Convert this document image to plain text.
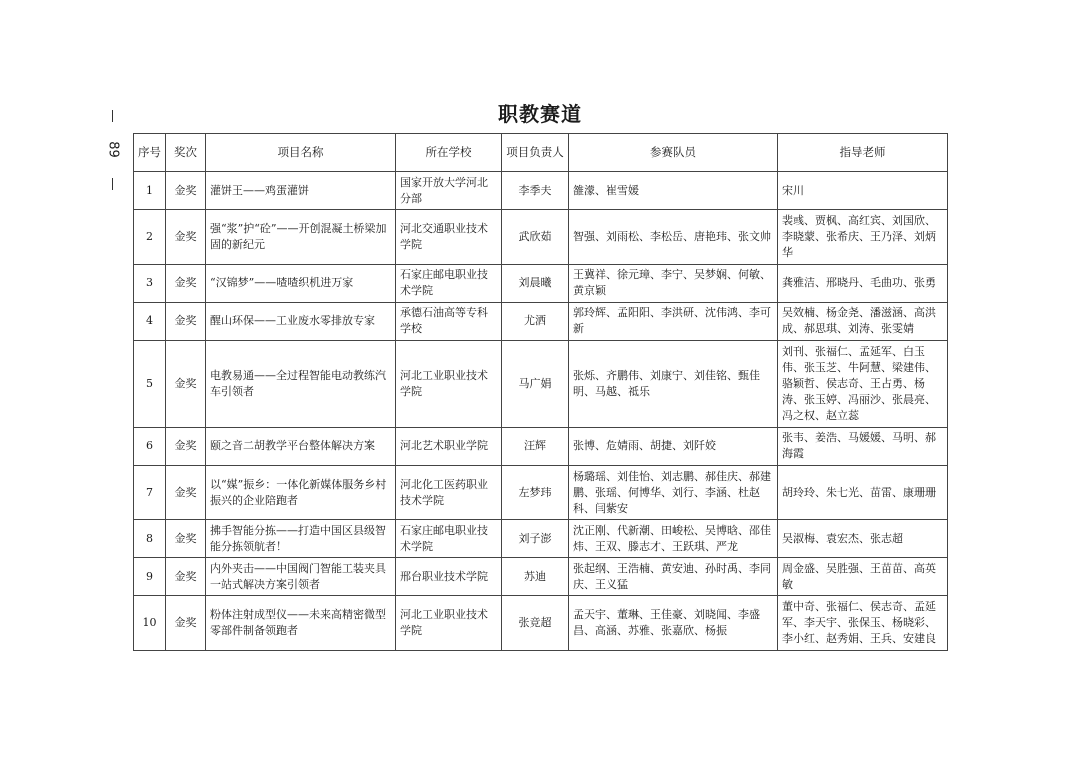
职教赛道
89 序号	奖次	项目名称	所在学校	项目负责人	参赛队员	指导老师
1	金奖	灌饼王——鸡蛋灌饼	国家开放大学河北分部	李季夫	雒濛、崔雪媛	宋川
2	金奖	强“浆”护“砼”——开创混凝土桥梁加固的新纪元	河北交通职业技术学院	武欣茹	智强、刘雨松、李松岳、唐艳玮、张文帅	裴彧、贾枫、高红宾、刘国欣、李晓蒙、张希庆、王乃泽、刘炳华
3	金奖	“汉锦梦”——喳喳织机进万家	石家庄邮电职业技术学院	刘晨曦	王冀祥、徐元璋、李宁、吴梦娴、何敏、黄京颖	龚雅洁、邢晓丹、毛曲功、张勇
4	金奖	醒山环保——工业废水零排放专家	承德石油高等专科学校	尤洒	郭玲辉、孟阳阳、李洪研、沈伟鸿、李可新	吴效楠、杨金尧、潘滋涵、高洪成、郝思琪、刘涛、张雯婧
5	金奖	电教易通——全过程智能电动教练汽车引领者	河北工业职业技术学院	马广娟	张烁、齐鹏伟、刘康宁、刘佳铭、甄佳明、马越、祗乐	刘刊、张福仁、孟延军、白玉伟、张玉芝、牛阿慧、梁建伟、骆颖哲、侯志奇、王占勇、杨涛、张玉婷、冯丽沙、张晨亮、冯之权、赵立蕊
6	金奖	颐之音二胡教学平台整体解决方案	河北艺术职业学院	汪辉	张博、危婧雨、胡捷、刘阡姣	张韦、姜浩、马媛媛、马明、郝海霞
7	金奖	以“媒”振乡：一体化新媒体服务乡村振兴的企业陪跑者	河北化工医药职业技术学院	左梦玮	杨璐瑶、刘佳怡、刘志鹏、郝佳庆、郝建鹏、张瑶、何博华、刘行、李涵、杜赵科、闫紫安	胡玲玲、朱七光、苗雷、康珊珊
8	金奖	拂手智能分拣——打造中国区县级智能分拣领航者！	石家庄邮电职业技术学院	刘子澎	沈正刚、代新潮、田峻松、吴博晗、邵佳炜、王双、滕志才、王跃琪、严龙	吴淑梅、袁宏杰、张志超
9	金奖	内外夹击——中国阀门智能工装夹具一站式解决方案引领者	邢台职业技术学院	苏迪	张起纲、王浩楠、黄安迪、孙时禹、李同庆、王义猛	周金盛、吴胜强、王苗苗、高英敏
10	金奖	粉体注射成型仪——未来高精密微型零部件制备领跑者	河北工业职业技术学院	张竞超	孟天宇、董琳、王佳豪、刘晓闻、李盛昌、高涵、苏雅、张嘉欣、杨振	董中奇、张福仁、侯志奇、孟延军、李天宇、张保玉、杨晓彩、李小红、赵秀娟、王兵、安建良
